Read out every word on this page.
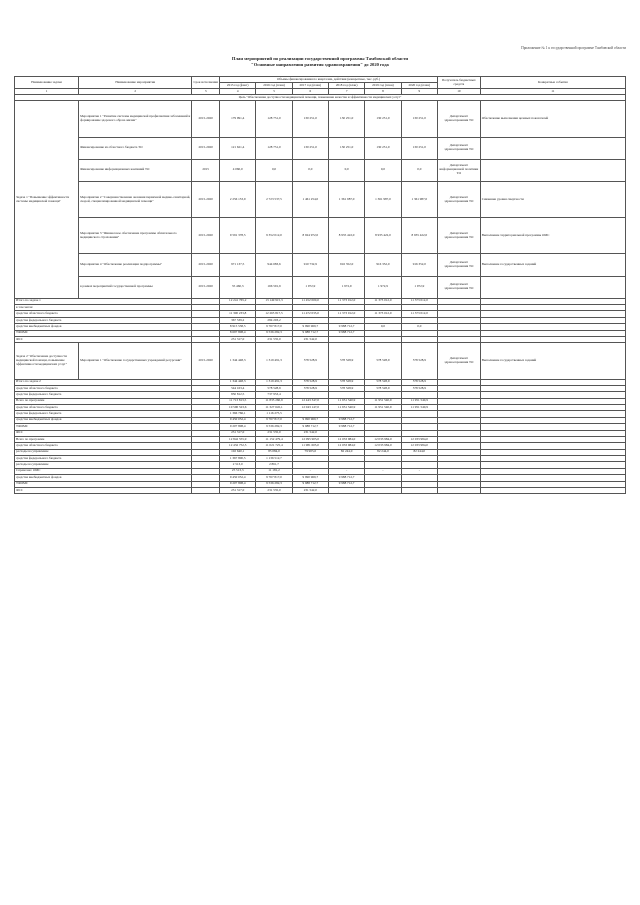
Приложение № 1 к государственной программе Тамбовской области
План мероприятий по реализации государственной программы Тамбовской области
"Основные направления развития здравоохранения" до 2020 года
Наименование задачи	Наименование мероприятия	Срок исполнения	Объемы финансирования по кварталам, действия (конкретные, тыс. руб.)						Получатель бюджетных средств	Конкретные события
			2015 год (факт)	2016 год (план)	2017 год (план)	2018 год (план)	2019 год (план)	2020 год (план)		
1	2	3	4	5	6	7	8	9	10	11
Цель "Обеспечение доступности медицинской помощи, повышение качества и эффективности медицинских услуг"										
Задача 1 "Повышение эффективности системы медицинской помощи"	Мероприятие 1 "Развитие системы медицинской профилактики заболеваний и формирование здорового образа жизни"	2015-2020	179 991,4	128 751,0	130 251,0	130 251,0	130 251,0	130 251,0	Департамент здравоохранения ТО	Обеспечение выполнения целевых показателей
	Финансирование из областного бюджета ТО	2015-2020	121 621,4	128 751,0	130 251,0	130 251,0	130 251,0	130 251,0	Департамент здравоохранения ТО	
	Финансирование информационных компаний ТО	2015	4 060,0	0,0	0,0	0,0	0,0	0,0	Департамент информационной политики ТО	
	Мероприятие 2 "Совершенствование оказания первичной медико-санитарной, скорой, специализированной медицинской помощи"	2015-2020	2 256 153,9	2 723 537,5	1 461 254,0	1 361 987,0	1 361 987,0	1 361 987,0	Департамент здравоохранения ТО	Снижение уровня смертности
	Мероприятие 3 "Финансовое обеспечение программы обязательного медицинского страхования"	2015-2020	9 591 378,5	9 352 012,0	8 924 972,0	8 935 422,0	8 935 422,0	8 935 422,0	Департамент здравоохранения ТО	Выполнение территориальной программы ОМС
	Мероприятие 4 "Обеспечение реализации подпрограммы"	2015-2020	971 137,5	944 683,6	910 732,9	916 352,0	916 352,0	916 352,0	Департамент здравоохранения ТО	Выполнение государственных заданий
	в рамках мероприятий государственной программы	2015-2020	35 460,3	166 591,9	1 972,9	1 972,9	1 972,9	1 972,9	Департамент здравоохранения ТО	
Итого по задаче 1			12 241 765,2	13 149 915,3	11 452 000,0	11 373 012,0	11 373 012,0	11 373 012,0		
в том числе:										
средства областного бюджета			11 300 233,8	12 265 817,5	11 472 035,0	11 373 012,0	11 373 012,0	11 373 012,0		
средства федерального бюджета			367 539,2	284 203,2						
средства внебюджетных фондов			8 915 538,5	9 767 817,0	9 990 969,7	9 988 712,7	0,0	0,0		
ТФОМС			8 697 808,4	9 536 282,3	9 988 712,7	9 988 712,7				
ФСС			231 317,0	231 535,0	231 542,0					
Задача 2 "Обеспечение доступности медицинской помощи, повышение эффективности медицинских услуг"	Мероприятие 1 "Обеспечение государственных учреждений ресурсами"	2015-2020	1 344 448,3	1 319 491,3	578 528,9	578 528,9	578 528,9	578 528,9	Департамент здравоохранения ТО	Выполнение государственных заданий
Итого по задаче 2			1 344 448,3	1 319 491,3	578 528,9	578 528,9	578 528,9	578 528,9		
средства областного бюджета			544 163,4	578 528,9	578 528,9	578 528,9	578 528,9	578 528,9		
средства федерального бюджета			850 812,5	737 953,4						
Всего по программе			11 713 813,5	11 835 260,9	12 443 347,0	11 951 540,9	11 951 540,9	11 951 540,9		
средства областного бюджета			10 590 523,6	11 327 645,1	12 043 147,0	11 951 540,9	11 951 540,9	11 951 540,9		
средства федерального бюджета			1 366 766,1	1 116 275,5						
средства внебюджетных фондов			9 450 052,4	9 767 817,0	9 990 969,7	9 988 712,7				
ТФОМС			9 207 808,4	9 536 282,3	9 988 712,7	9 988 712,7				
ФСС			231 317,0	231 535,0	231 542,0					
Всего по программе			12 842 555,9	11 152 479,4	12 095 905,0	12 033 984,0	12 033 984,0	12 033 984,0		
средства областного бюджета			12 432 752,5	11 021 725,4	11 981 605,0	12 033 984,0	12 033 984,0	12 033 984,0		
расходы на управление			102 640,1	85 084,0	79 905,0	82 244,0	82 244,0	82 244,0		
средства федерального бюджета			1 367 800,5	1 136 512,7						
расходы на управление			2 513,0	2 861,7						
Справочно: ОМС			25 513,3	11 181,2	-	-	-	-		
средства внебюджетных фондов			9 450 052,4	9 767 817,0	9 990 969,7	9 988 712,7				
ТФОМС			9 207 808,4	9 536 282,3	9 988 712,7	9 988 712,7				
ФСС			231 317,0	231 535,0	231 542,0					
